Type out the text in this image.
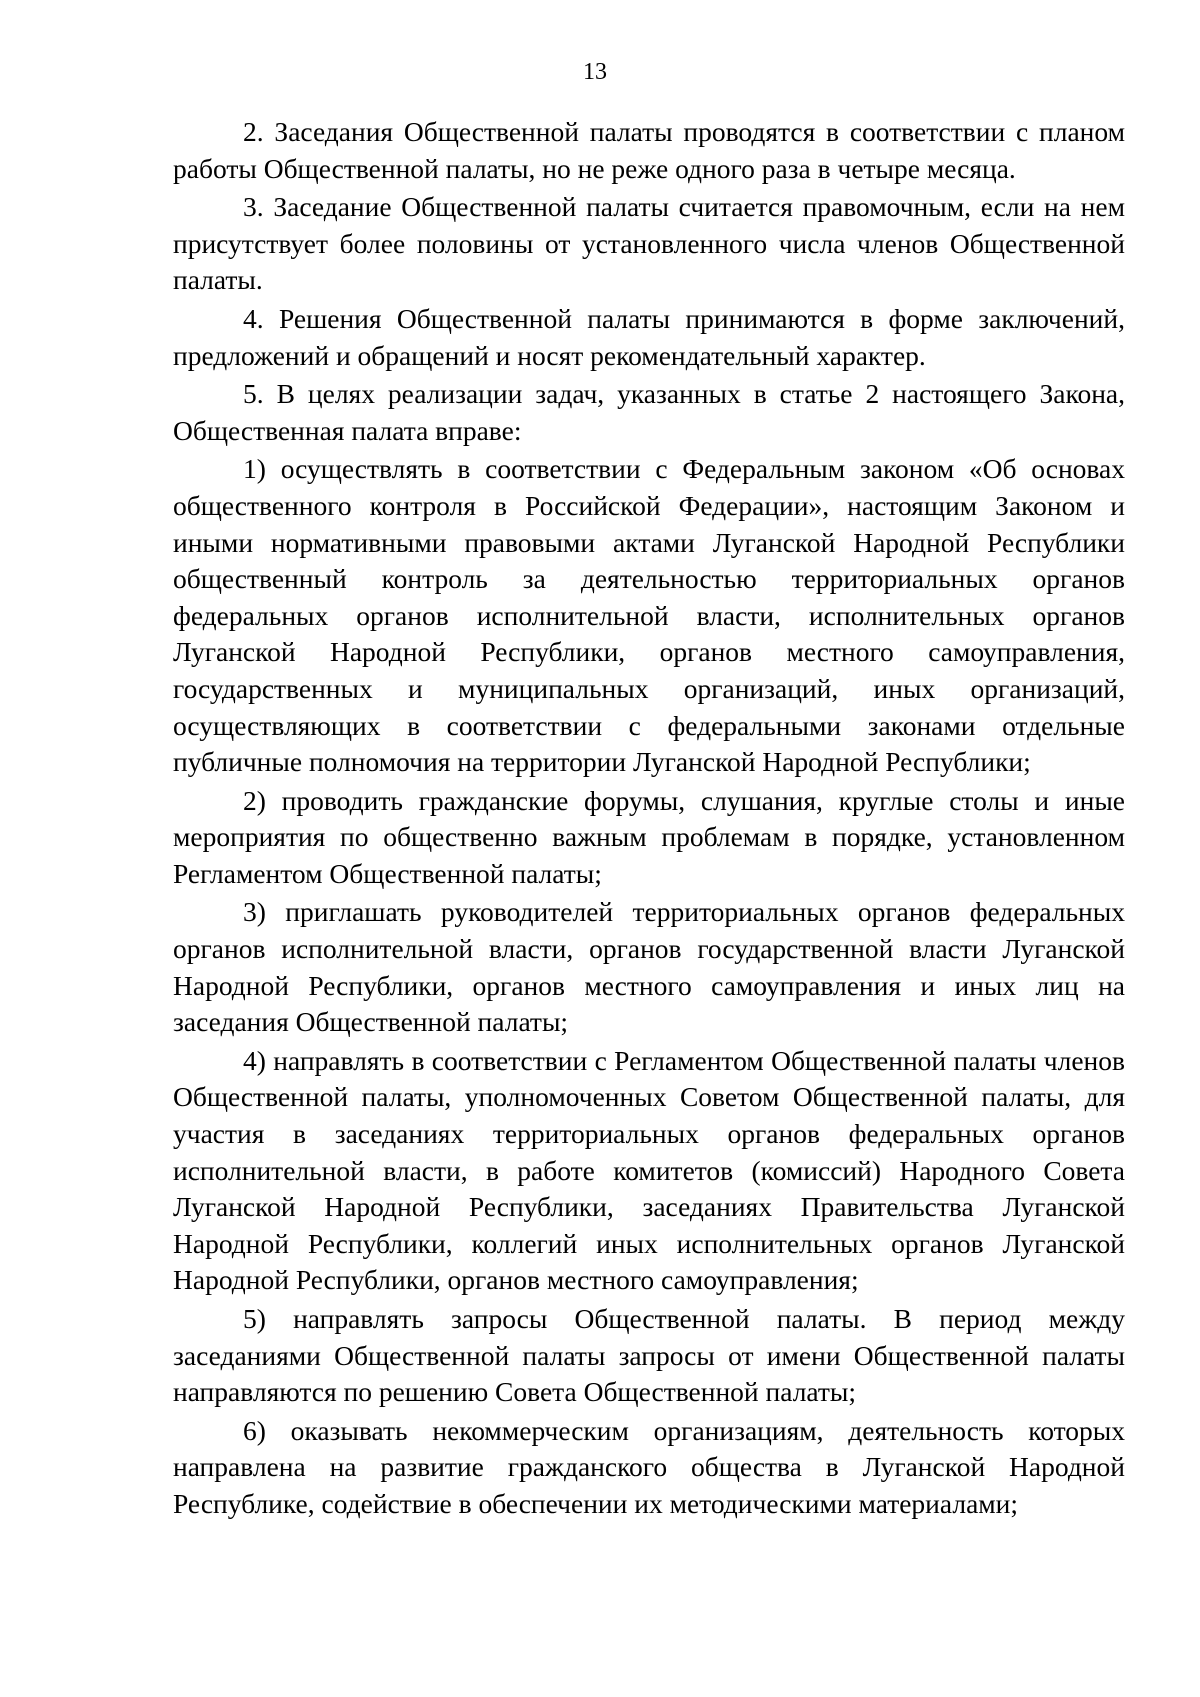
13

2. Заседания Общественной палаты проводятся в соответствии с планом работы Общественной палаты, но не реже одного раза в четыре месяца.

3. Заседание Общественной палаты считается правомочным, если на нем присутствует более половины от установленного числа членов Общественной палаты.

4. Решения Общественной палаты принимаются в форме заключений, предложений и обращений и носят рекомендательный характер.

5. В целях реализации задач, указанных в статье 2 настоящего Закона, Общественная палата вправе:

1) осуществлять в соответствии с Федеральным законом «Об основах общественного контроля в Российской Федерации», настоящим Законом и иными нормативными правовыми актами Луганской Народной Республики общественный контроль за деятельностью территориальных органов федеральных органов исполнительной власти, исполнительных органов Луганской Народной Республики, органов местного самоуправления, государственных и муниципальных организаций, иных организаций, осуществляющих в соответствии с федеральными законами отдельные публичные полномочия на территории Луганской Народной Республики;

2) проводить гражданские форумы, слушания, круглые столы и иные мероприятия по общественно важным проблемам в порядке, установленном Регламентом Общественной палаты;

3) приглашать руководителей территориальных органов федеральных органов исполнительной власти, органов государственной власти Луганской Народной Республики, органов местного самоуправления и иных лиц на заседания Общественной палаты;

4) направлять в соответствии с Регламентом Общественной палаты членов Общественной палаты, уполномоченных Советом Общественной палаты, для участия в заседаниях территориальных органов федеральных органов исполнительной власти, в работе комитетов (комиссий) Народного Совета Луганской Народной Республики, заседаниях Правительства Луганской Народной Республики, коллегий иных исполнительных органов Луганской Народной Республики, органов местного самоуправления;

5) направлять запросы Общественной палаты. В период между заседаниями Общественной палаты запросы от имени Общественной палаты направляются по решению Совета Общественной палаты;

6) оказывать некоммерческим организациям, деятельность которых направлена на развитие гражданского общества в Луганской Народной Республике, содействие в обеспечении их методическими материалами;
